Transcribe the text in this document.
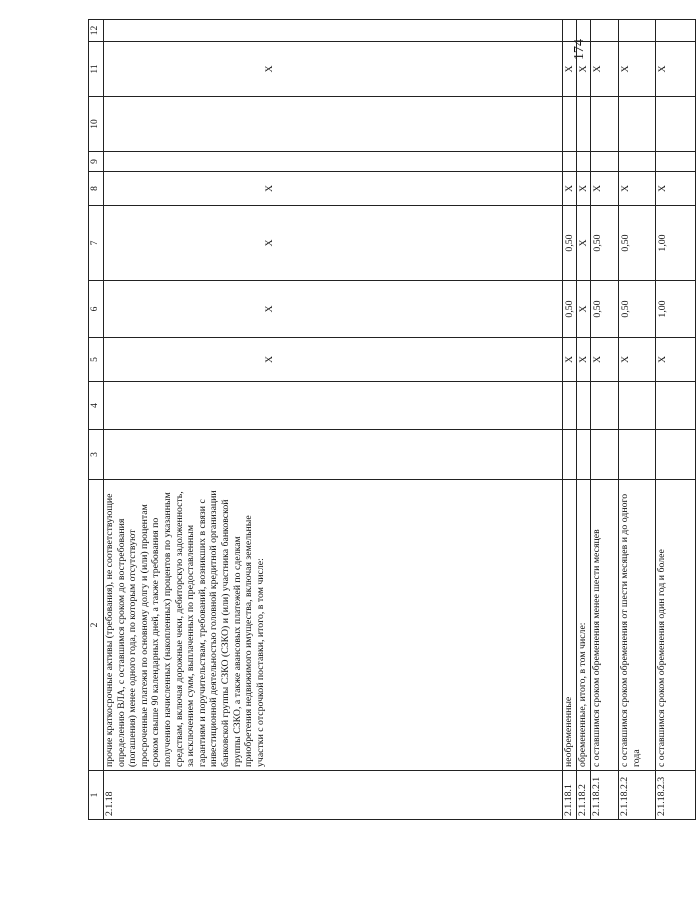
174
1	2	3	4	5	6	7	8	9	10	11	12
2.1.18	прочие краткосрочные активы (требования), не соответствующие определению ВЛА, с оставшимся сроком до востребования (погашения) менее одного года, по которым отсутствуют просроченные платежи по основному долгу и (или) процентам сроком свыше 90 календарных дней, а также требования по получению начисленных (накопленных) процентов по указанным средствам, включая дорожные чеки, дебиторскую задолженность, за исключением сумм, выплаченных по предоставленным гарантиям и поручительствам, требований, возникших в связи с инвестиционной деятельностью головной кредитной организации банковской группы СЗКО (СЗКО) и (или) участника банковской группы СЗКО, а также авансовых платежей по сделкам приобретения недвижимого имущества, включая земельные участки с отсрочкой поставки, итого, в том числе:			X	X	X	X			X	
2.1.18.1	необремененные			X	0,50	0,50	X			X	
2.1.18.2	обремененные, итого, в том числе:			X	X	X	X			X	
2.1.18.2.1	с оставшимся сроком обременения менее шести месяцев			X	0,50	0,50	X			X	
2.1.18.2.2	с оставшимся сроком обременения от шести месяцев и до одного года			X	0,50	0,50	X			X	
2.1.18.2.3	с оставшимся сроком обременения один год и более			X	1,00	1,00	X			X	
